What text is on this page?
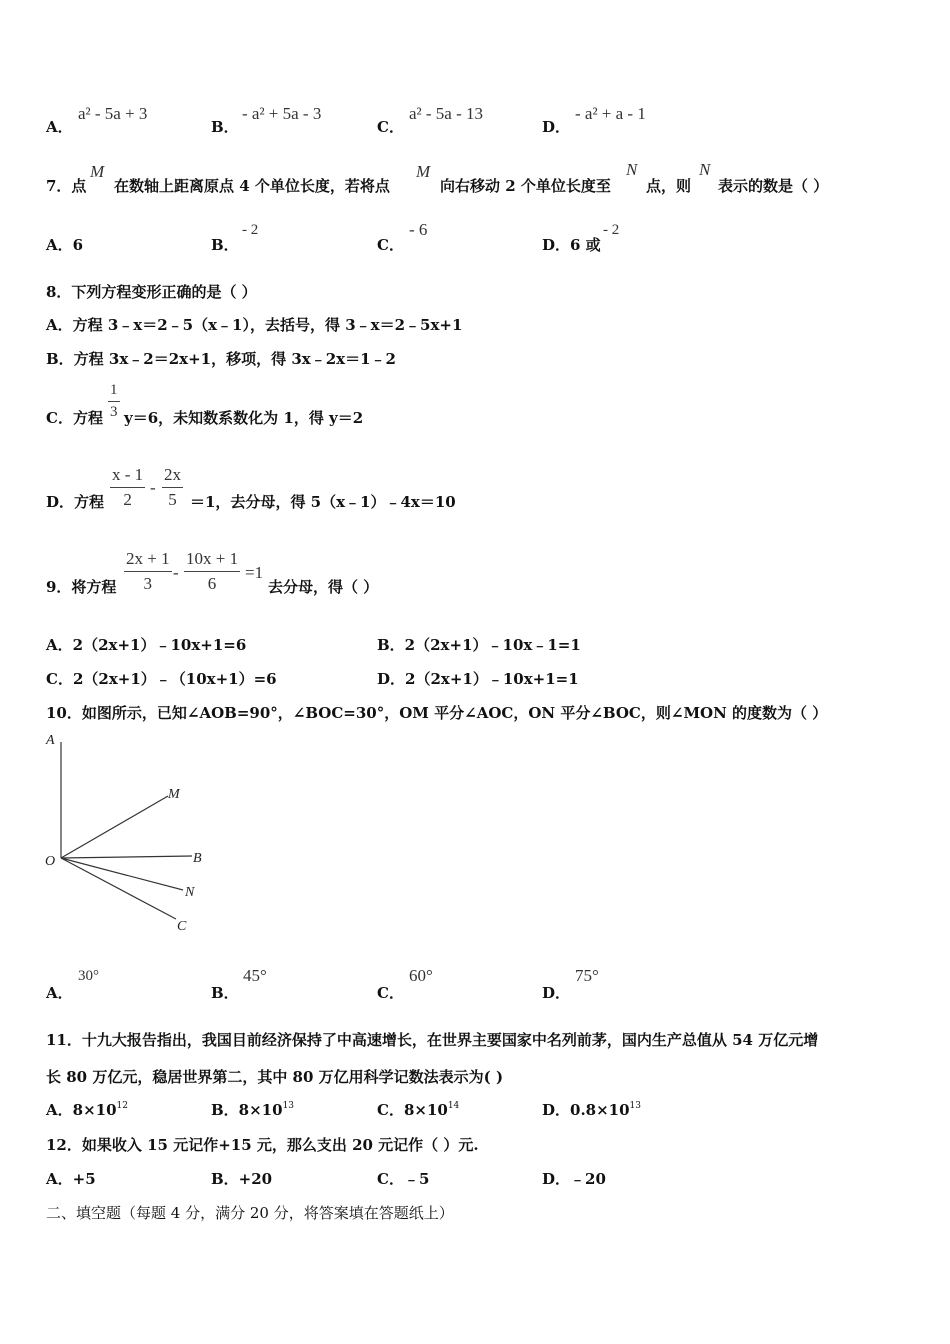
A．
a² - 5a + 3
B．
- a² + 5a - 3
C．
a² - 5a - 13
D．
- a² + a - 1
7．点
M
在数轴上距离原点 4 个单位长度，若将点
M
向右移动 2 个单位长度至
N
点，则
N
表示的数是（ ）
A．6	B．
- 2
C．
- 6
D．6 或
- 2
8．下列方程变形正确的是（ ）
A．方程 3﹣x＝2﹣5（x﹣1），去括号，得 3﹣x＝2﹣5x+1
B．方程 3x﹣2＝2x+1，移项，得 3x﹣2x＝1﹣2
C．方程 $\frac{1}{3} y=6$，未知数系数化为 1，得 y＝2
D．方程 $\frac{x - 1}{2} - \frac{2x}{5} =1$，去分母，得 5（x﹣1）﹣4x＝10
9．将方程 $\frac{2x + 1}{3} - \frac{10x + 1}{6} =1$
去分母，得（ ）
A．2（2x+1）﹣10x+1=6	B．2（2x+1）﹣10x﹣1=1
C．2（2x+1）﹣（10x+1）=6	D．2（2x+1）﹣10x+1=1
10．如图所示，已知∠AOB=90°，∠BOC=30°，OM 平分∠AOC，ON 平分∠BOC，则∠MON 的度数为（ ）
A
M
O	B
N
C
A．
30°
B．
45°
C．
60°
D．
75°
11．十九大报告指出，我国目前经济保持了中高速增长，在世界主要国家中名列前茅，国内生产总值从 54 万亿元增
长 80 万亿元，稳居世界第二，其中 80 万亿用科学记数法表示为( )
A．$8\times 10^{12}$	B．$8\times 10^{13}$	C．$8\times 10^{14}$	D．$0.8\times 10^{13}$
12．如果收入 15 元记作+15 元，那么支出 20 元记作（ ）元.
A．+5	B．+20	C．﹣5	D．﹣20
二、填空题（每题 4 分，满分 20 分，将答案填在答题纸上）
